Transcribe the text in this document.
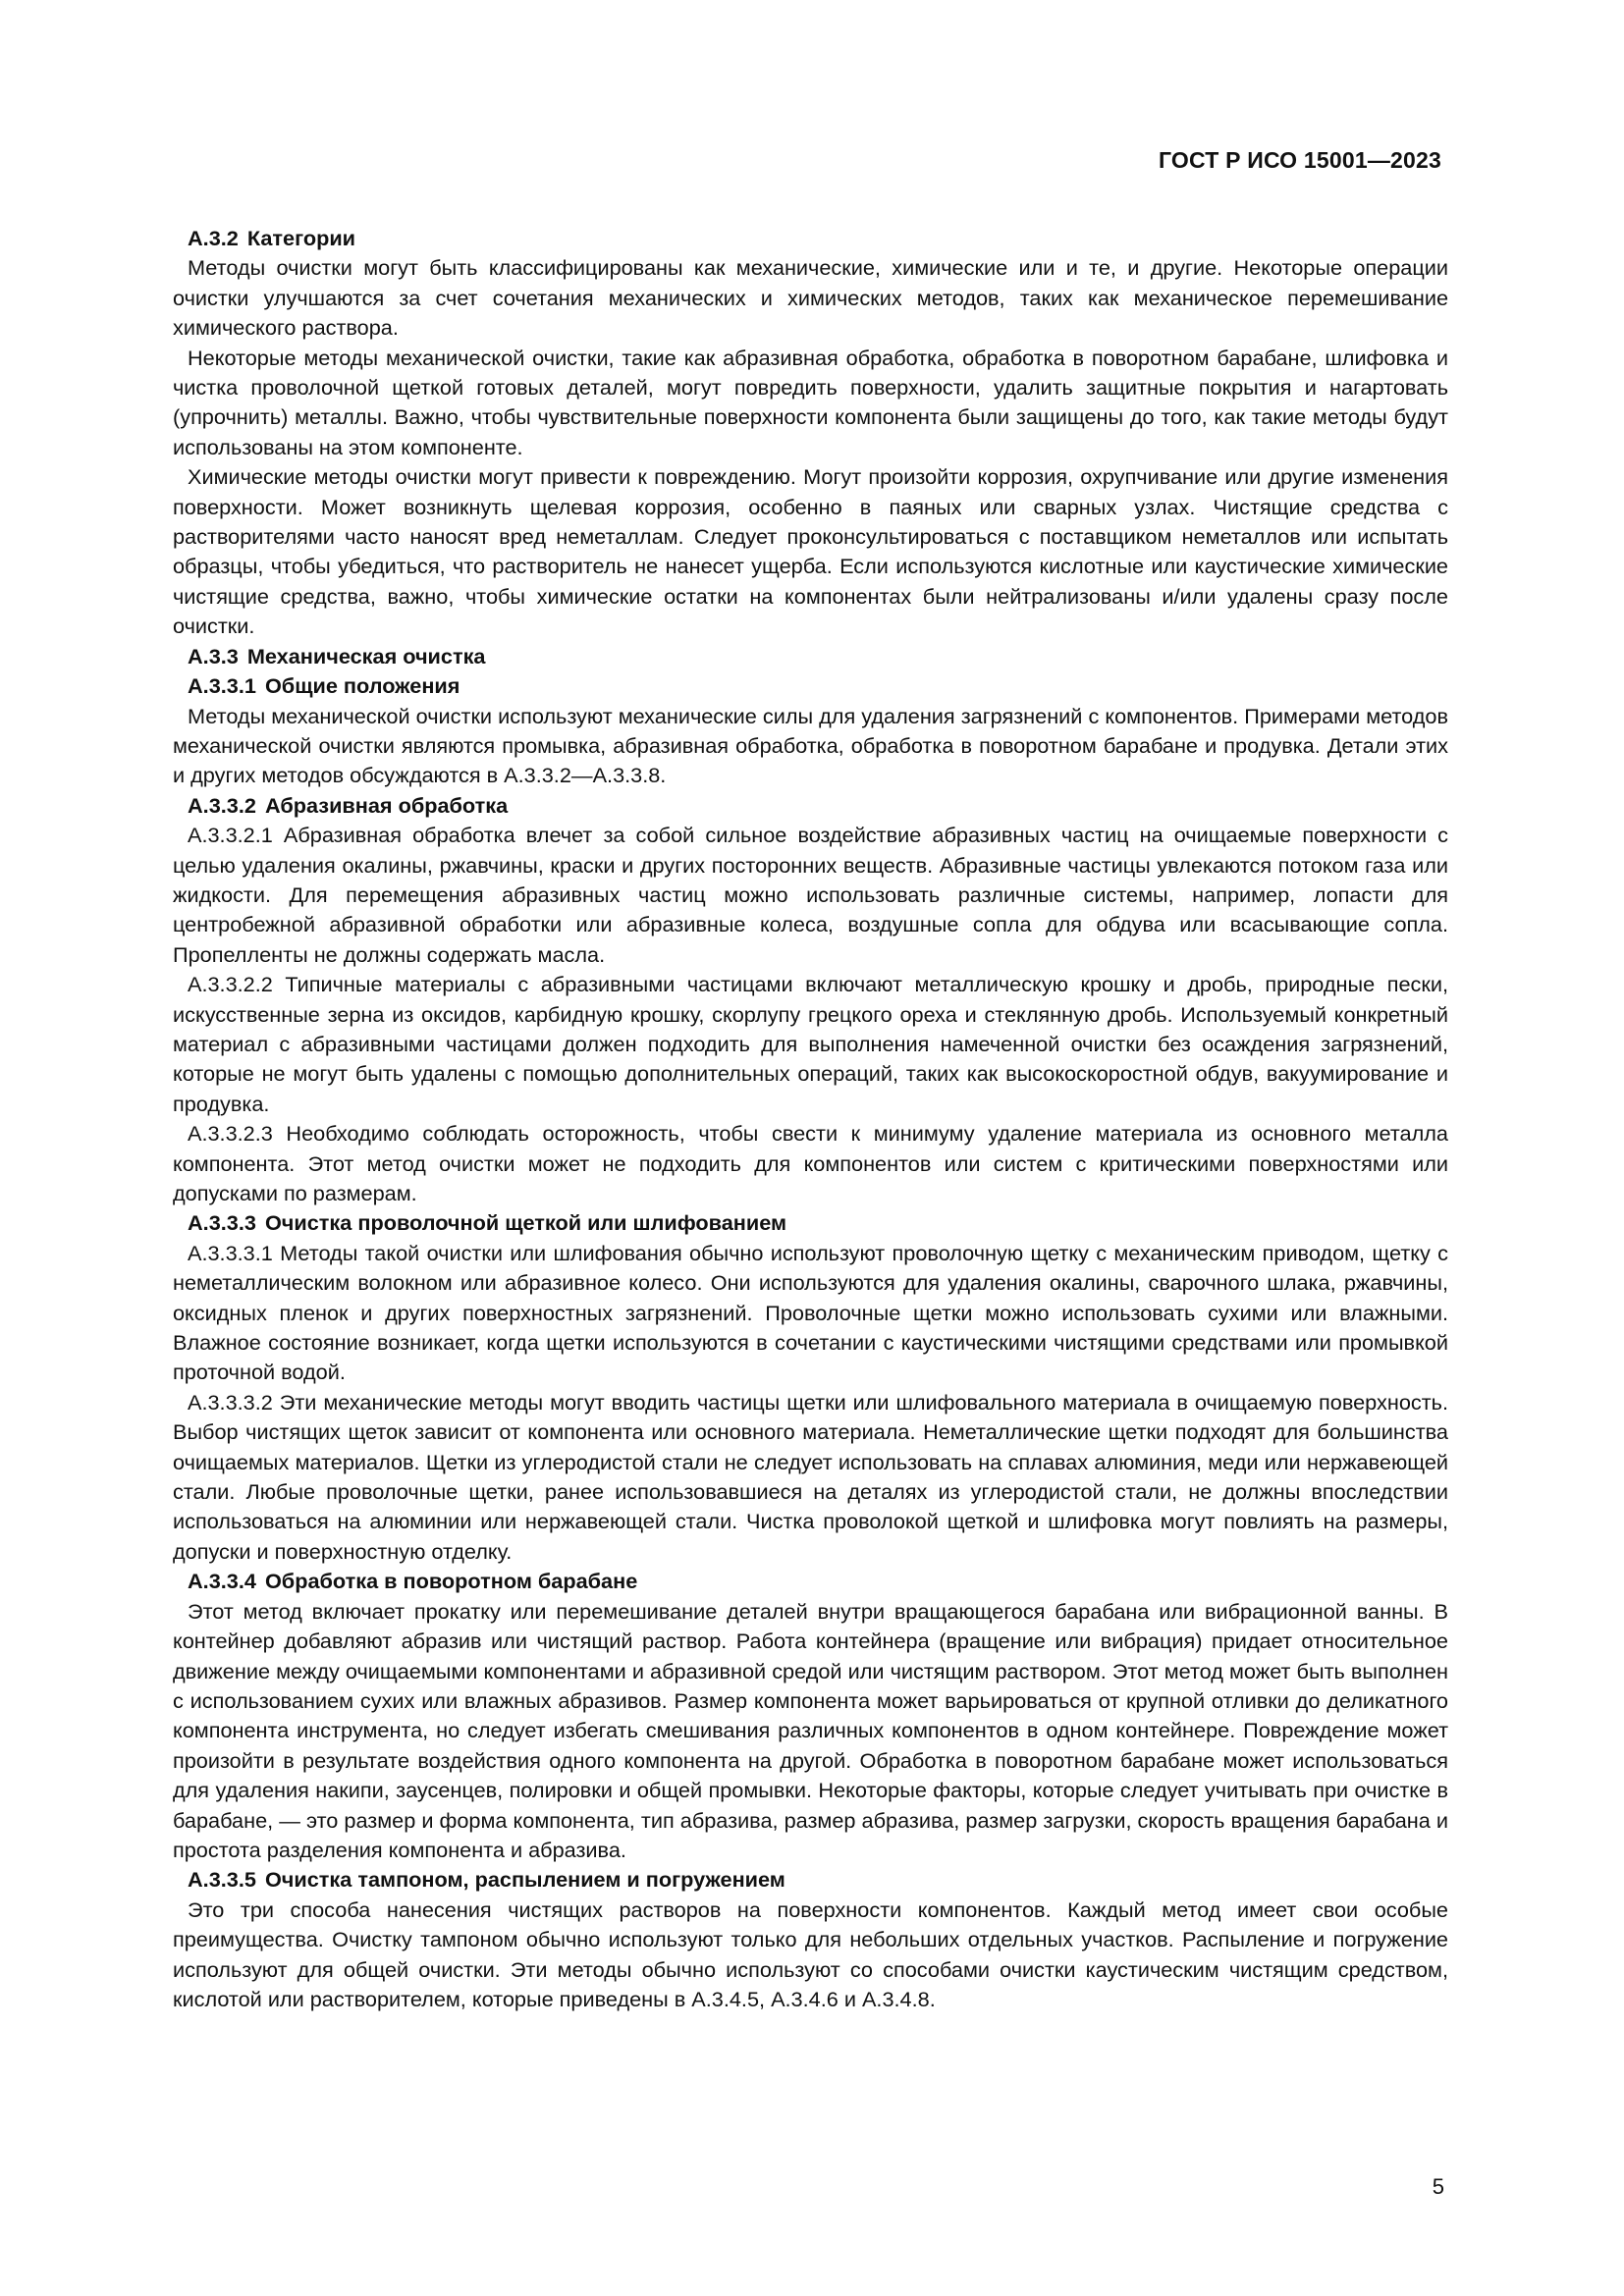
ГОСТ Р ИСО 15001—2023
А.3.2 Категории

Методы очистки могут быть классифицированы как механические, химические или и те, и другие. Некоторые операции очистки улучшаются за счет сочетания механических и химических методов, таких как механическое перемешивание химического раствора.

Некоторые методы механической очистки, такие как абразивная обработка, обработка в поворотном барабане, шлифовка и чистка проволочной щеткой готовых деталей, могут повредить поверхности, удалить защитные покрытия и нагартовать (упрочнить) металлы. Важно, чтобы чувствительные поверхности компонента были защищены до того, как такие методы будут использованы на этом компоненте.

Химические методы очистки могут привести к повреждению. Могут произойти коррозия, охрупчивание или другие изменения поверхности. Может возникнуть щелевая коррозия, особенно в паяных или сварных узлах. Чистящие средства с растворителями часто наносят вред неметаллам. Следует проконсультироваться с поставщиком неметаллов или испытать образцы, чтобы убедиться, что растворитель не нанесет ущерба. Если используются кислотные или каустические химические чистящие средства, важно, чтобы химические остатки на компонентах были нейтрализованы и/или удалены сразу после очистки.

А.3.3 Механическая очистка
А.3.3.1 Общие положения

Методы механической очистки используют механические силы для удаления загрязнений с компонентов. Примерами методов механической очистки являются промывка, абразивная обработка, обработка в поворотном барабане и продувка. Детали этих и других методов обсуждаются в А.3.3.2—А.3.3.8.

А.3.3.2 Абразивная обработка

А.3.3.2.1 Абразивная обработка влечет за собой сильное воздействие абразивных частиц на очищаемые поверхности с целью удаления окалины, ржавчины, краски и других посторонних веществ. Абразивные частицы увлекаются потоком газа или жидкости. Для перемещения абразивных частиц можно использовать различные системы, например, лопасти для центробежной абразивной обработки или абразивные колеса, воздушные сопла для обдува или всасывающие сопла. Пропелленты не должны содержать масла.

А.3.3.2.2 Типичные материалы с абразивными частицами включают металлическую крошку и дробь, природные пески, искусственные зерна из оксидов, карбидную крошку, скорлупу грецкого ореха и стеклянную дробь. Используемый конкретный материал с абразивными частицами должен подходить для выполнения намеченной очистки без осаждения загрязнений, которые не могут быть удалены с помощью дополнительных операций, таких как высокоскоростной обдув, вакуумирование и продувка.

А.3.3.2.3 Необходимо соблюдать осторожность, чтобы свести к минимуму удаление материала из основного металла компонента. Этот метод очистки может не подходить для компонентов или систем с критическими поверхностями или допусками по размерам.

А.3.3.3 Очистка проволочной щеткой или шлифованием

А.3.3.3.1 Методы такой очистки или шлифования обычно используют проволочную щетку с механическим приводом, щетку с неметаллическим волокном или абразивное колесо. Они используются для удаления окалины, сварочного шлака, ржавчины, оксидных пленок и других поверхностных загрязнений. Проволочные щетки можно использовать сухими или влажными. Влажное состояние возникает, когда щетки используются в сочетании с каустическими чистящими средствами или промывкой проточной водой.

А.3.3.3.2 Эти механические методы могут вводить частицы щетки или шлифовального материала в очищаемую поверхность. Выбор чистящих щеток зависит от компонента или основного материала. Неметаллические щетки подходят для большинства очищаемых материалов. Щетки из углеродистой стали не следует использовать на сплавах алюминия, меди или нержавеющей стали. Любые проволочные щетки, ранее использовавшиеся на деталях из углеродистой стали, не должны впоследствии использоваться на алюминии или нержавеющей стали. Чистка проволокой щеткой и шлифовка могут повлиять на размеры, допуски и поверхностную отделку.

А.3.3.4 Обработка в поворотном барабане

Этот метод включает прокатку или перемешивание деталей внутри вращающегося барабана или вибрационной ванны. В контейнер добавляют абразив или чистящий раствор. Работа контейнера (вращение или вибрация) придает относительное движение между очищаемыми компонентами и абразивной средой или чистящим раствором. Этот метод может быть выполнен с использованием сухих или влажных абразивов. Размер компонента может варьироваться от крупной отливки до деликатного компонента инструмента, но следует избегать смешивания различных компонентов в одном контейнере. Повреждение может произойти в результате воздействия одного компонента на другой. Обработка в поворотном барабане может использоваться для удаления накипи, заусенцев, полировки и общей промывки. Некоторые факторы, которые следует учитывать при очистке в барабане, — это размер и форма компонента, тип абразива, размер абразива, размер загрузки, скорость вращения барабана и простота разделения компонента и абразива.

А.3.3.5 Очистка тампоном, распылением и погружением

Это три способа нанесения чистящих растворов на поверхности компонентов. Каждый метод имеет свои особые преимущества. Очистку тампоном обычно используют только для небольших отдельных участков. Распыление и погружение используют для общей очистки. Эти методы обычно используют со способами очистки каустическим чистящим средством, кислотой или растворителем, которые приведены в А.3.4.5, А.3.4.6 и А.3.4.8.

5
